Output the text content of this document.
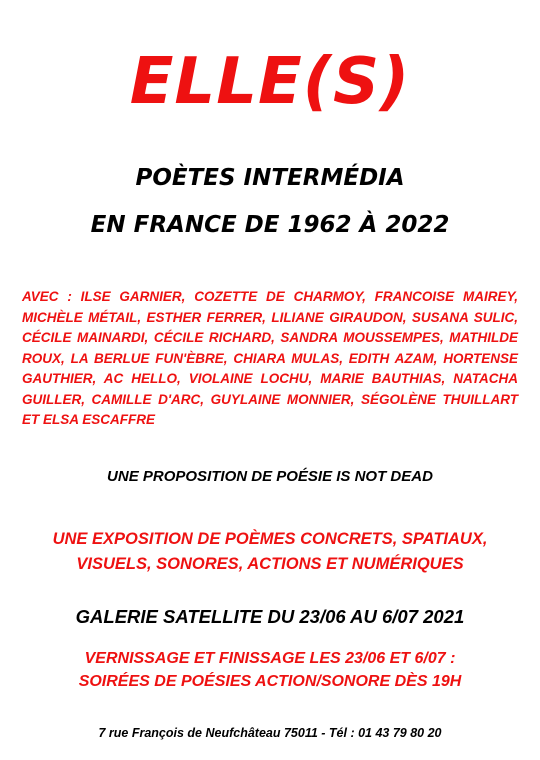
ELLE(S)
POÈTES INTERMÉDIA
EN FRANCE DE 1962 À 2022
AVEC : ILSE GARNIER, COZETTE DE CHARMOY, FRANCOISE MAIREY, MICHÈLE MÉTAIL, ESTHER FERRER, LILIANE GIRAUDON, SUSANA SULIC, CÉCILE MAINARDI, CÉCILE RICHARD, SANDRA MOUSSEMPES, MATHILDE ROUX, LA BERLUE FUN'ÈBRE, CHIARA MULAS, EDITH AZAM, HORTENSE GAUTHIER, AC HELLO, VIOLAINE LOCHU, MARIE BAUTHIAS, NATACHA GUILLER, CAMILLE D'ARC, GUYLAINE MONNIER, SÉGOLÈNE THUILLART ET ELSA ESCAFFRE
UNE PROPOSITION DE POÉSIE IS NOT DEAD
UNE EXPOSITION DE POÈMES CONCRETS, SPATIAUX,
VISUELS, SONORES, ACTIONS ET NUMÉRIQUES
GALERIE SATELLITE DU 23/06 AU 6/07 2021
VERNISSAGE ET FINISSAGE LES 23/06 ET 6/07 :
SOIRÉES DE POÉSIES ACTION/SONORE DÈS 19H
7 rue François de Neufchâteau 75011 - Tél : 01 43 79 80 20
